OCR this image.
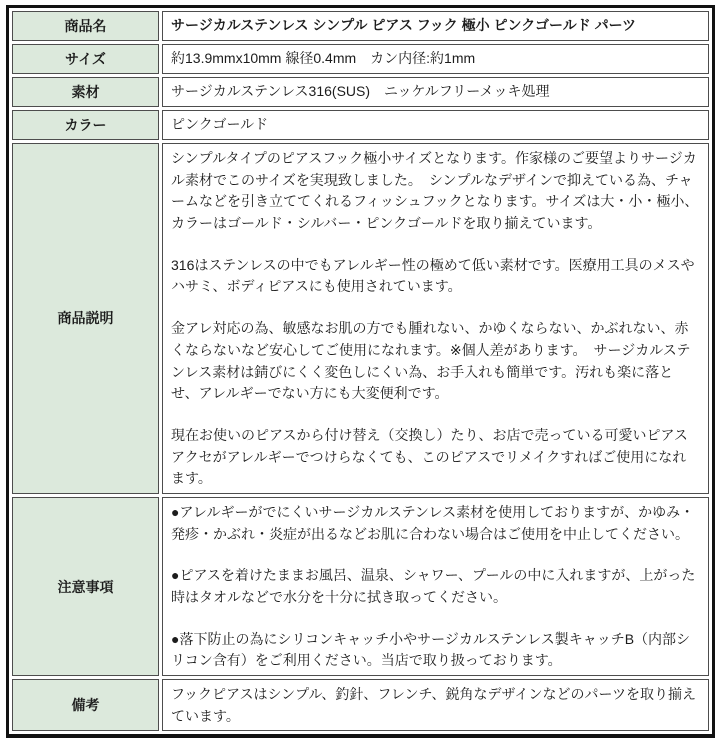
商品名	サージカルステンレス シンプル ピアス フック 極小 ピンクゴールド パーツ
サイズ	約13.9mmx10mm 線径0.4mm　カン内径:約1mm
素材	サージカルステンレス316(SUS)　ニッケルフリーメッキ処理
カラー	ピンクゴールド
商品説明	シンプルタイプのピアスフック極小サイズとなります。作家様のご要望よりサージカル素材でこのサイズを実現致しました。　シンプルなデザインで抑えている為、チャームなどを引き立ててくれるフィッシュフックとなります。サイズは大・小・極小、カラーはゴールド・シルバー・ピンクゴールドを取り揃えています。

316はステンレスの中でもアレルギー性の極めて低い素材です。医療用工具のメスやハサミ、ボディピアスにも使用されています。

金アレ対応の為、敏感なお肌の方でも腫れない、かゆくならない、かぶれない、赤くならないなど安心してご使用になれます。※個人差があります。　サージカルステンレス素材は錆びにくく変色しにくい為、お手入れも簡単です。汚れも楽に落とせ、アレルギーでない方にも大変便利です。

現在お使いのピアスから付け替え（交換し）たり、お店で売っている可愛いピアスアクセがアレルギーでつけらなくても、このピアスでリメイクすればご使用になれます。

注意事項	●アレルギーがでにくいサージカルステンレス素材を使用しておりますが、かゆみ・発疹・かぶれ・炎症が出るなどお肌に合わない場合はご使用を中止してください。

●ピアスを着けたままお風呂、温泉、シャワー、プールの中に入れますが、上がった時はタオルなどで水分を十分に拭き取ってください。

●落下防止の為にシリコンキャッチ小やサージカルステンレス製キャッチB（内部シリコン含有）をご利用ください。当店で取り扱っております。

備考	フックピアスはシンプル、釣針、フレンチ、鋭角なデザインなどのパーツを取り揃えています。
